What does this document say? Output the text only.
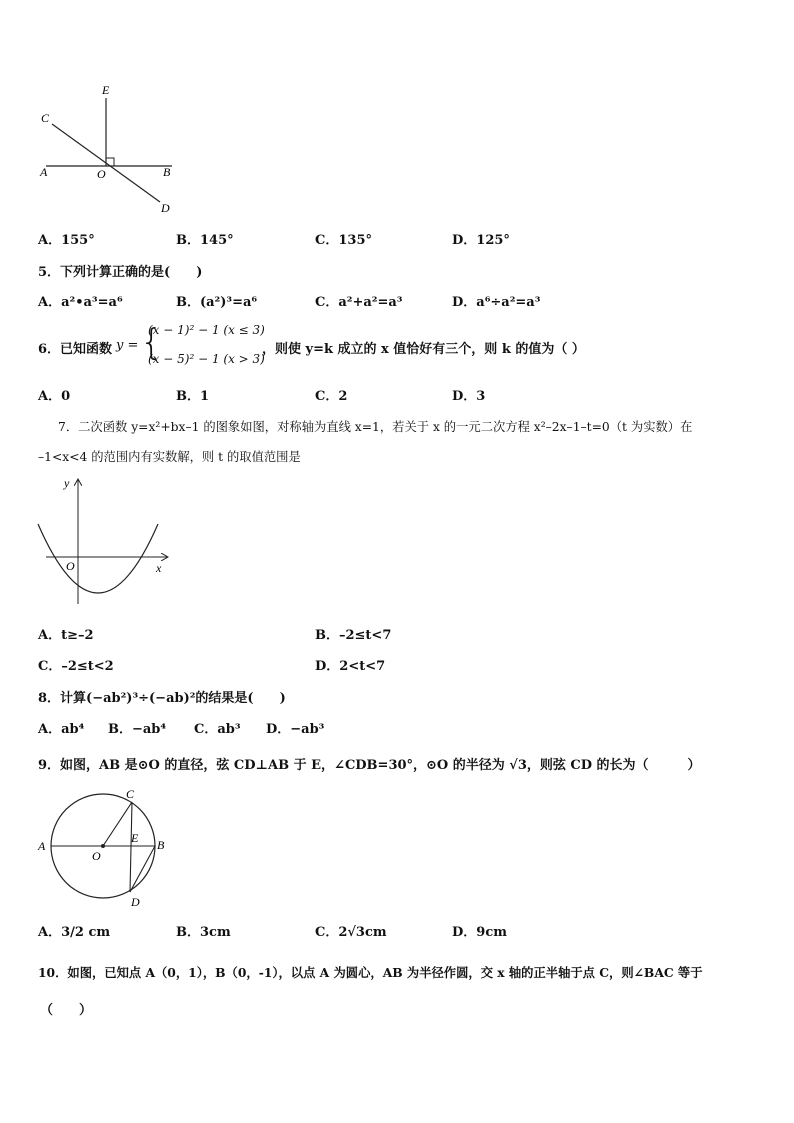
E
C
A	O	B
D
A．155°	B．145°	C．135°	D．125°
5．下列计算正确的是(　　)
A．a²•a³=a⁶	B．(a²)³=a⁶	C．a²+a²=a³	D．a⁶÷a²=a³
6．已知函数 y = {
(x − 1)² − 1 (x ≤ 3)
(x − 5)² − 1 (x > 3)
，则使 y=k 成立的 x 值恰好有三个，则 k 的值为（ ）
A．0	B．1	C．2	D．3
7．二次函数 y=x²+bx–1 的图象如图，对称轴为直线 x=1，若关于 x 的一元二次方程 x²–2x–1–t=0（t 为实数）在
–1<x<4 的范围内有实数解，则 t 的取值范围是
y
O	x
A．t≥–2	B．–2≤t<7
C．–2≤t<2	D．2<t<7
8．计算(−ab²)³÷(−ab)²的结果是(　　)
A．ab⁴ B．−ab⁴ C．ab³ D．−ab³
9．如图，AB 是⊙O 的直径，弦 CD⊥AB 于 E，∠CDB=30°，⊙O 的半径为 √3，则弦 CD 的长为（　　　）
C
A
E B
O
D
A．3/2 cm	B．3cm	C．2√3cm	D．9cm
10．如图，已知点 A（0，1），B（0，-1），以点 A 为圆心，AB 为半径作圆，交 x 轴的正半轴于点 C，则∠BAC 等于
（　　）
